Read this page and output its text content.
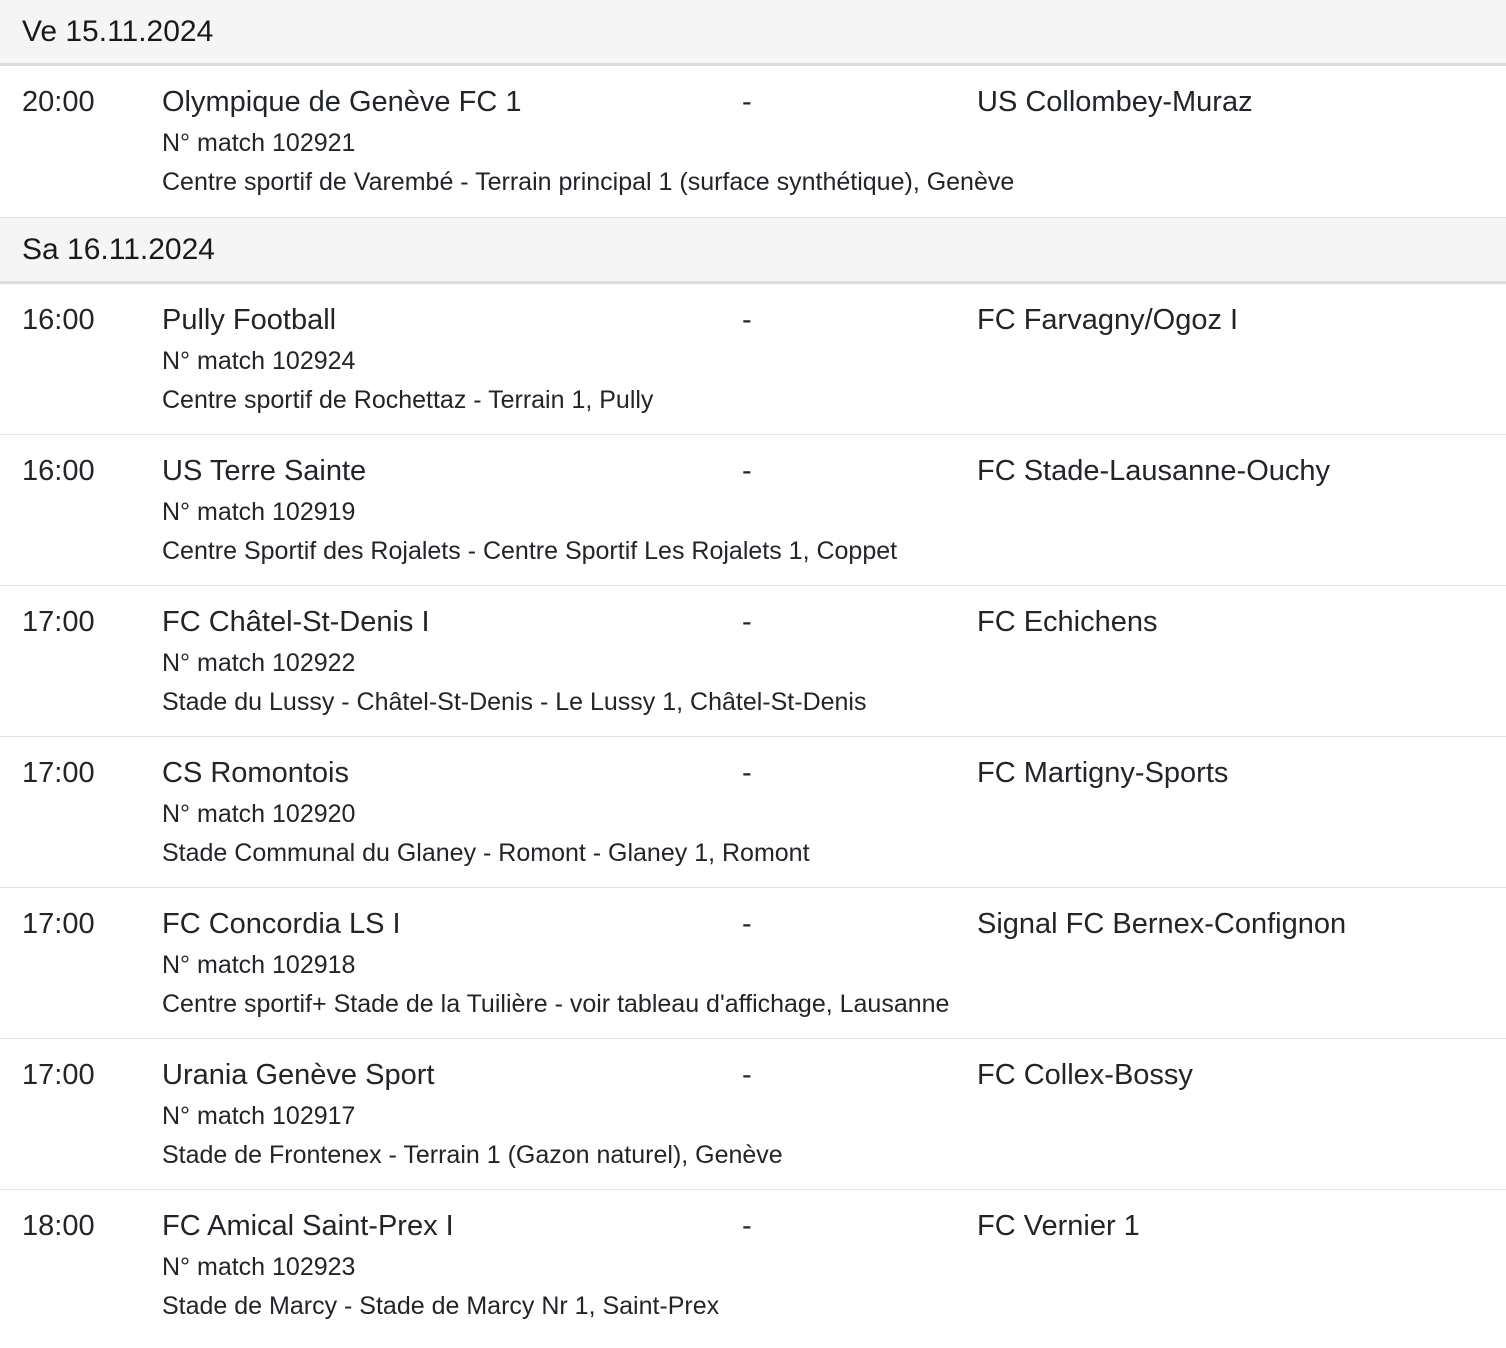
Ve 15.11.2024
20:00 Olympique de Genève FC 1	-	US Collombey-Muraz
N° match 102921
Centre sportif de Varembé - Terrain principal 1 (surface synthétique), Genève
Sa 16.11.2024
16:00 Pully Football	-	FC Farvagny/Ogoz I
N° match 102924
Centre sportif de Rochettaz - Terrain 1, Pully
16:00 US Terre Sainte	-	FC Stade-Lausanne-Ouchy
N° match 102919
Centre Sportif des Rojalets - Centre Sportif Les Rojalets 1, Coppet
17:00 FC Châtel-St-Denis I	-	FC Echichens
N° match 102922
Stade du Lussy - Châtel-St-Denis - Le Lussy 1, Châtel-St-Denis
17:00 CS Romontois	-	FC Martigny-Sports
N° match 102920
Stade Communal du Glaney - Romont - Glaney 1, Romont
17:00 FC Concordia LS I	-	Signal FC Bernex-Confignon
N° match 102918
Centre sportif+ Stade de la Tuilière - voir tableau d'affichage, Lausanne
17:00 Urania Genève Sport	-	FC Collex-Bossy
N° match 102917
Stade de Frontenex - Terrain 1 (Gazon naturel), Genève
18:00 FC Amical Saint-Prex I	-	FC Vernier 1
N° match 102923
Stade de Marcy - Stade de Marcy Nr 1, Saint-Prex
